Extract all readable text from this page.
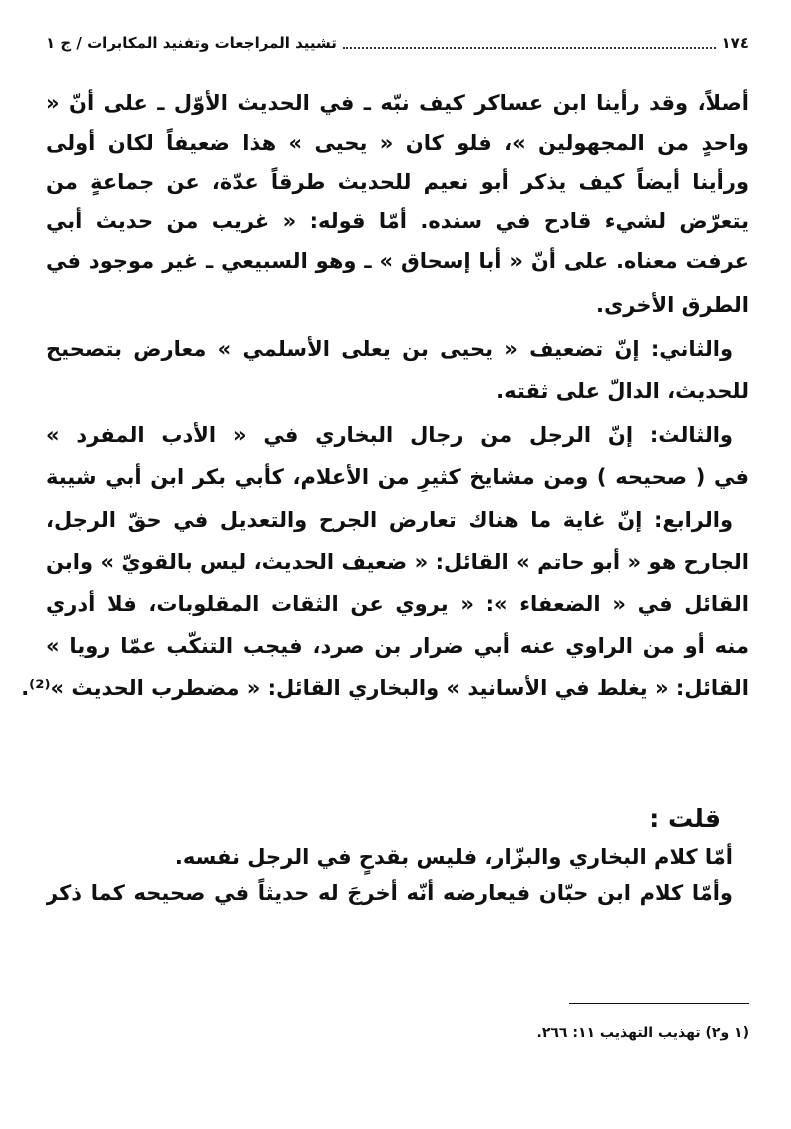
١٧٤
تشييد المراجعات وتفنيد المكابرات / ج ١
أصلاً، وقد رأينا ابن عساكر كيف نبّه ـ في الحديث الأوّل ـ على أنّ «
واحدٍ من المجهولين »، فلو كان « يحيى » هذا ضعيفاً لكان أولى
ورأينا أيضاً كيف يذكر أبو نعيم للحديث طرقاً عدّة، عن جماعةٍ من
يتعرّض لشيء قادح في سنده. أمّا قوله: « غريب من حديث أبي
عرفت معناه. على أنّ « أبا إسحاق » ـ وهو السبيعي ـ غير موجود في
الطرق الأخرى.
والثاني: إنّ تضعيف « يحيى بن يعلى الأسلمي » معارض بتصحيح
للحديث، الدالّ على ثقته.
والثالث: إنّ الرجل من رجال البخاري في « الأدب المفرد »
في ( صحيحه ) ومن مشايخ كثيرٍ من الأعلام، كأبي بكر ابن أبي شيبة
والرابع: إنّ غاية ما هناك تعارض الجرح والتعديل في حقّ الرجل،
الجارح هو « أبو حاتم » القائل: « ضعيف الحديث، ليس بالقويّ » وابن
القائل في « الضعفاء »: « يروي عن الثقات المقلوبات، فلا أدري
منه أو من الراوي عنه أبي ضرار بن صرد، فيجب التنكّب عمّا رويا »
القائل: « يغلط في الأسانيد » والبخاري القائل: « مضطرب الحديث »⁽²⁾.
قلت :
أمّا كلام البخاري والبزّار، فليس بقدحٍ في الرجل نفسه.
وأمّا كلام ابن حبّان فيعارضه أنّه أخرجَ له حديثاً في صحيحه كما ذكر
(١ و٢) تهذيب التهذيب ١١: ٢٦٦.
